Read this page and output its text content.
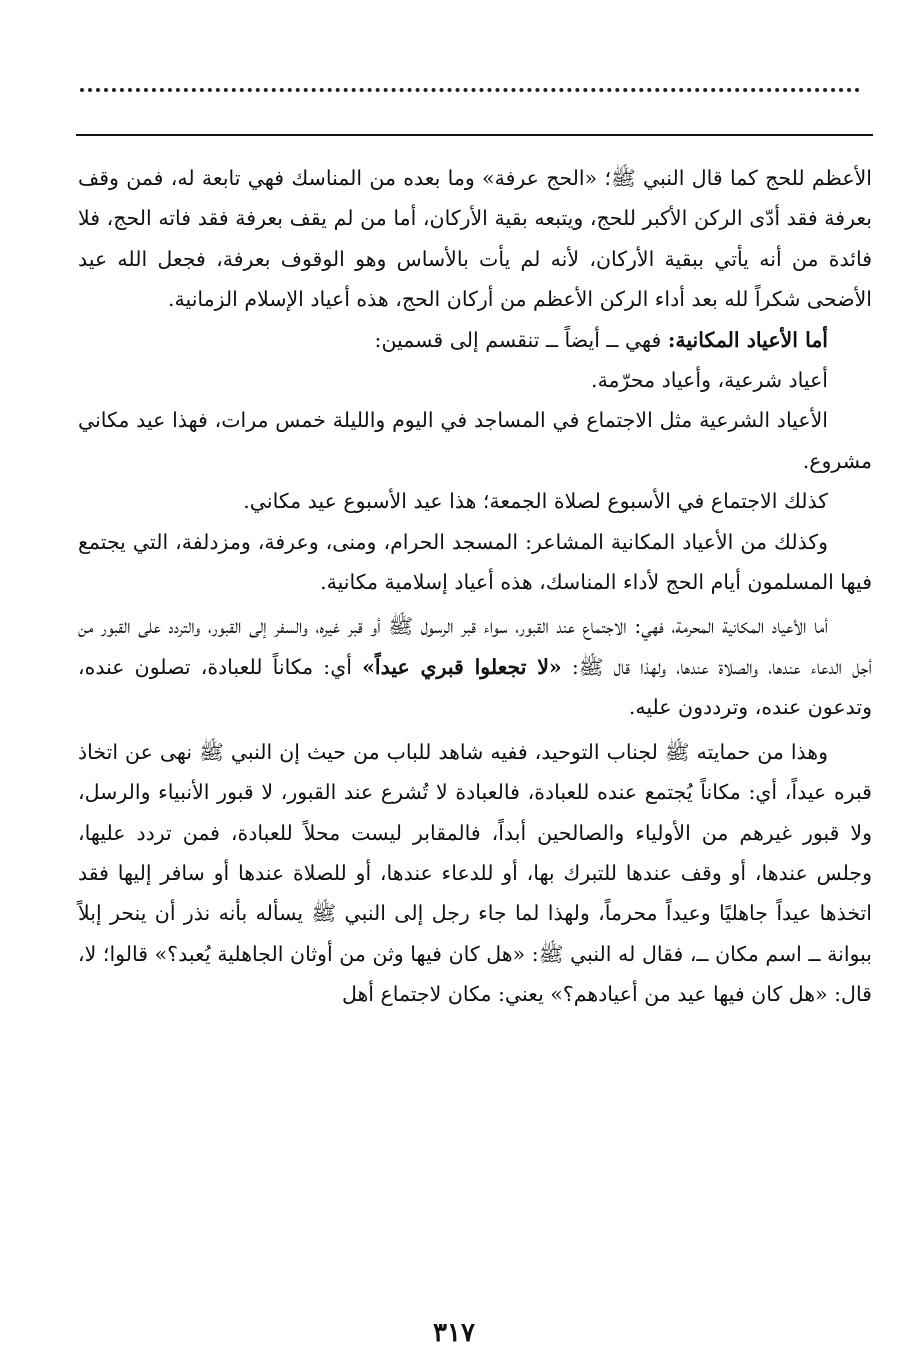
الأعظم للحج كما قال النبي ﷺ؛ «الحج عرفة» وما بعده من المناسك فهي تابعة له، فمن وقف بعرفة فقد أدّى الركن الأكبر للحج، ويتبعه بقية الأركان، أما من لم يقف بعرفة فقد فاته الحج، فلا فائدة من أنه يأتي ببقية الأركان، لأنه لم يأت بالأساس وهو الوقوف بعرفة، فجعل الله عيد الأضحى شكراً لله بعد أداء الركن الأعظم من أركان الحج، هذه أعياد الإسلام الزمانية.

أما الأعياد المكانية: فهي ــ أيضاً ــ تنقسم إلى قسمين:

أعياد شرعية، وأعياد محرّمة.

الأعياد الشرعية مثل الاجتماع في المساجد في اليوم والليلة خمس مرات، فهذا عيد مكاني مشروع.

كذلك الاجتماع في الأسبوع لصلاة الجمعة؛ هذا عيد الأسبوع عيد مكاني.

وكذلك من الأعياد المكانية المشاعر: المسجد الحرام، ومنى، وعرفة، ومزدلفة، التي يجتمع فيها المسلمون أيام الحج لأداء المناسك، هذه أعياد إسلامية مكانية.

أما الأعياد المكانية المحرمة، فهي: الاجتماع عند القبور، سواء قبر الرسول ﷺ أو قبر غيره، والسفر إلى القبور، والتردد على القبور من أجل الدعاء عندها، والصلاة عندها، ولهذا قال ﷺ: «لا تجعلوا قبري عيداً» أي: مكاناً للعبادة، تصلون عنده، وتدعون عنده، وترددون عليه.

وهذا من حمايته ﷺ لجناب التوحيد، ففيه شاهد للباب من حيث إن النبي ﷺ نهى عن اتخاذ قبره عيداً، أي: مكاناً يُجتمع عنده للعبادة، فالعبادة لا تُشرع عند القبور، لا قبور الأنبياء والرسل، ولا قبور غيرهم من الأولياء والصالحين أبداً، فالمقابر ليست محلاً للعبادة، فمن تردد عليها، وجلس عندها، أو وقف عندها للتبرك بها، أو للدعاء عندها، أو للصلاة عندها أو سافر إليها فقد اتخذها عيداً جاهليًا وعيداً محرماً، ولهذا لما جاء رجل إلى النبي ﷺ يسأله بأنه نذر أن ينحر إبلاً ببوانة ــ اسم مكان ــ، فقال له النبي ﷺ: «هل كان فيها وثن من أوثان الجاهلية يُعبد؟» قالوا؛ لا، قال: «هل كان فيها عيد من أعيادهم؟» يعني: مكان لاجتماع أهل

٣١٧
